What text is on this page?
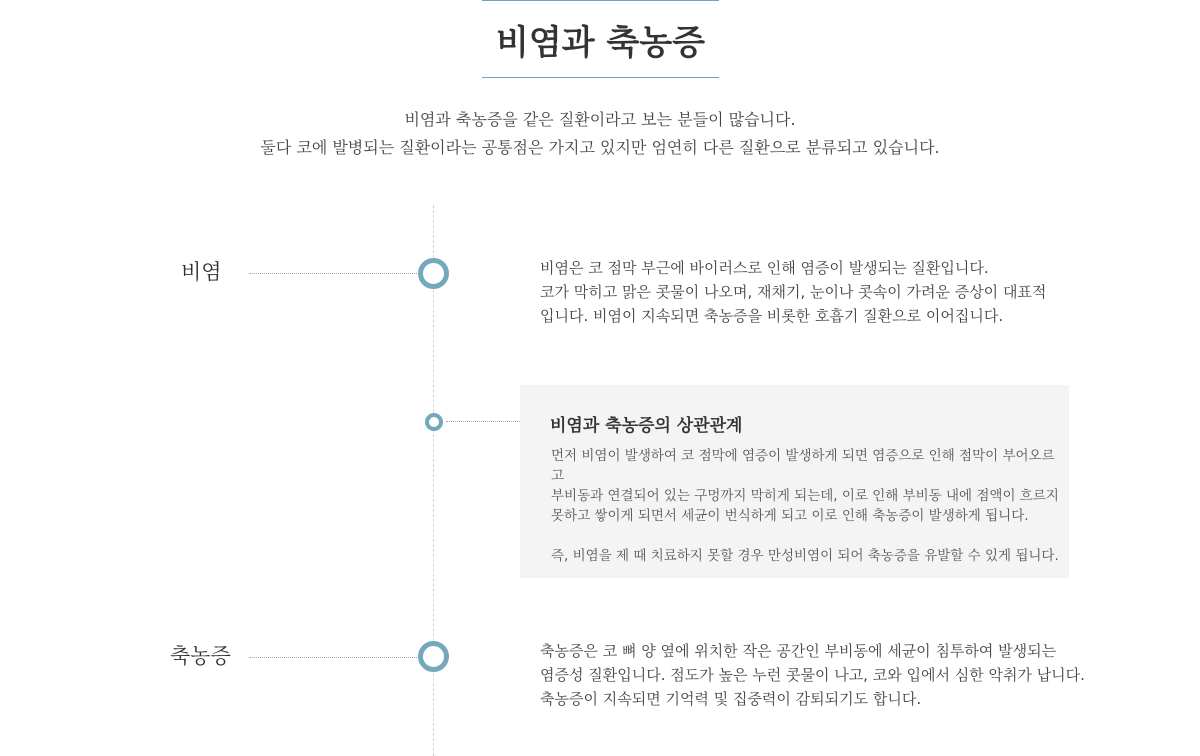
비염과 축농증

비염과 축농증을 같은 질환이라고 보는 분들이 많습니다.

둘다 코에 발병되는 질환이라는 공통점은 가지고 있지만 엄연히 다른 질환으로 분류되고 있습니다.

비염	비염은 코 점막 부근에 바이러스로 인해 염증이 발생되는 질환입니다.

코가 막히고 맑은 콧물이 나오며, 재채기, 눈이나 콧속이 가려운 증상이 대표적

입니다. 비염이 지속되면 축농증을 비롯한 호흡기 질환으로 이어집니다.

비염과 축농증의 상관관계

먼저 비염이 발생하여 코 점막에 염증이 발생하게 되면 염증으로 인해 점막이 부어오르고

부비동과 연결되어 있는 구멍까지 막히게 되는데, 이로 인해 부비동 내에 점액이 흐르지

못하고 쌓이게 되면서 세균이 번식하게 되고 이로 인해 축농증이 발생하게 됩니다.

즉, 비염을 제 때 치료하지 못할 경우 만성비염이 되어 축농증을 유발할 수 있게 됩니다.

축농증	축농증은 코 뼈 양 옆에 위치한 작은 공간인 부비동에 세균이 침투하여 발생되는

염증성 질환입니다. 점도가 높은 누런 콧물이 나고, 코와 입에서 심한 악취가 납니다.

축농증이 지속되면 기억력 및 집중력이 감퇴되기도 합니다.
